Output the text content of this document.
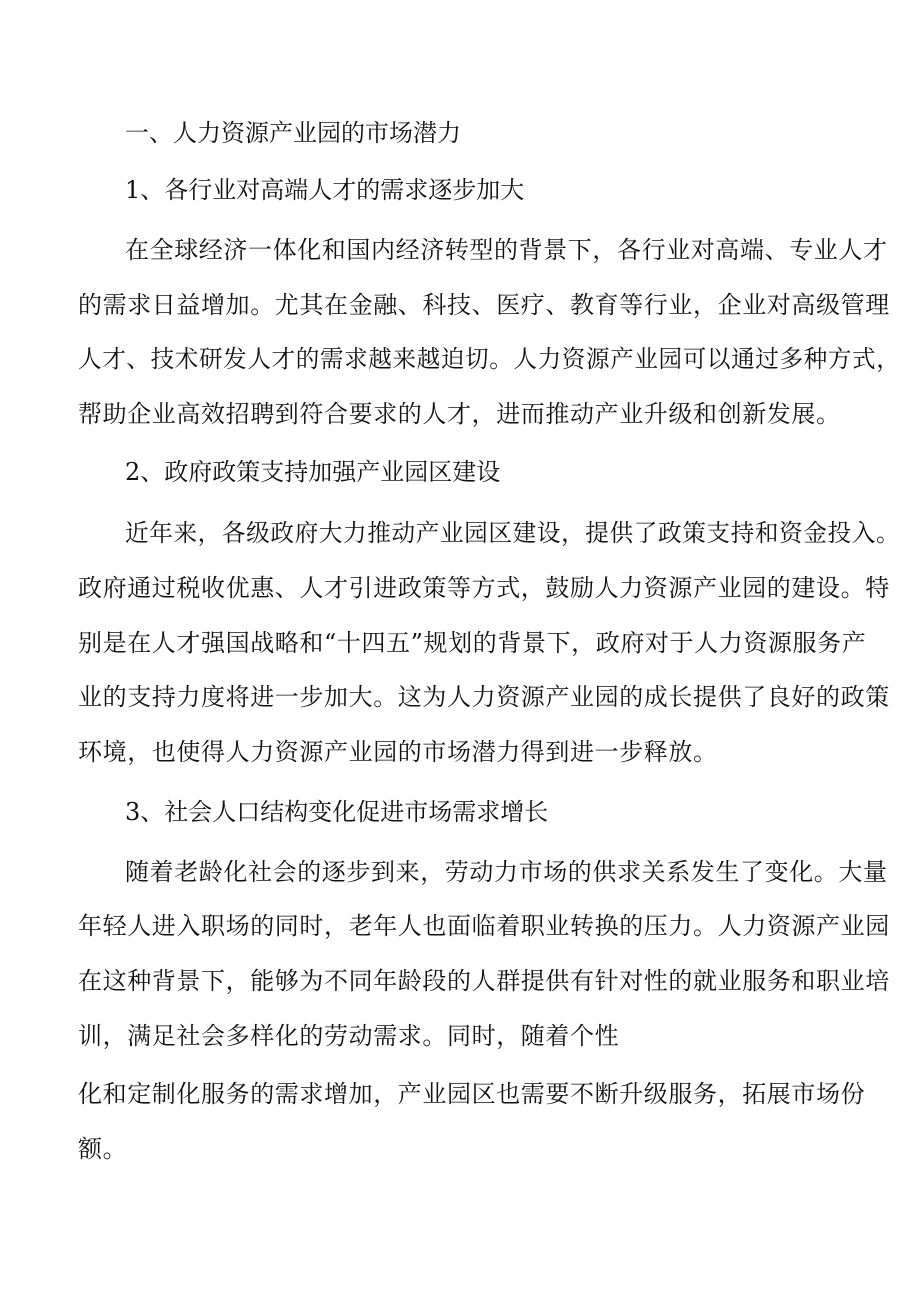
一、人力资源产业园的市场潜力
1、各行业对高端人才的需求逐步加大
在全球经济一体化和国内经济转型的背景下，各行业对高端、专业人才
的需求日益增加。尤其在金融、科技、医疗、教育等行业，企业对高级管理
人才、技术研发人才的需求越来越迫切。人力资源产业园可以通过多种方式，
帮助企业高效招聘到符合要求的人才，进而推动产业升级和创新发展。
2、政府政策支持加强产业园区建设
近年来，各级政府大力推动产业园区建设，提供了政策支持和资金投入。
政府通过税收优惠、人才引进政策等方式，鼓励人力资源产业园的建设。特
别是在人才强国战略和“十四五”规划的背景下，政府对于人力资源服务产
业的支持力度将进一步加大。这为人力资源产业园的成长提供了良好的政策
环境，也使得人力资源产业园的市场潜力得到进一步释放。
3、社会人口结构变化促进市场需求增长
随着老龄化社会的逐步到来，劳动力市场的供求关系发生了变化。大量
年轻人进入职场的同时，老年人也面临着职业转换的压力。人力资源产业园
在这种背景下，能够为不同年龄段的人群提供有针对性的就业服务和职业培
训，满足社会多样化的劳动需求。同时，随着个性
化和定制化服务的需求增加，产业园区也需要不断升级服务，拓展市场份
额。
